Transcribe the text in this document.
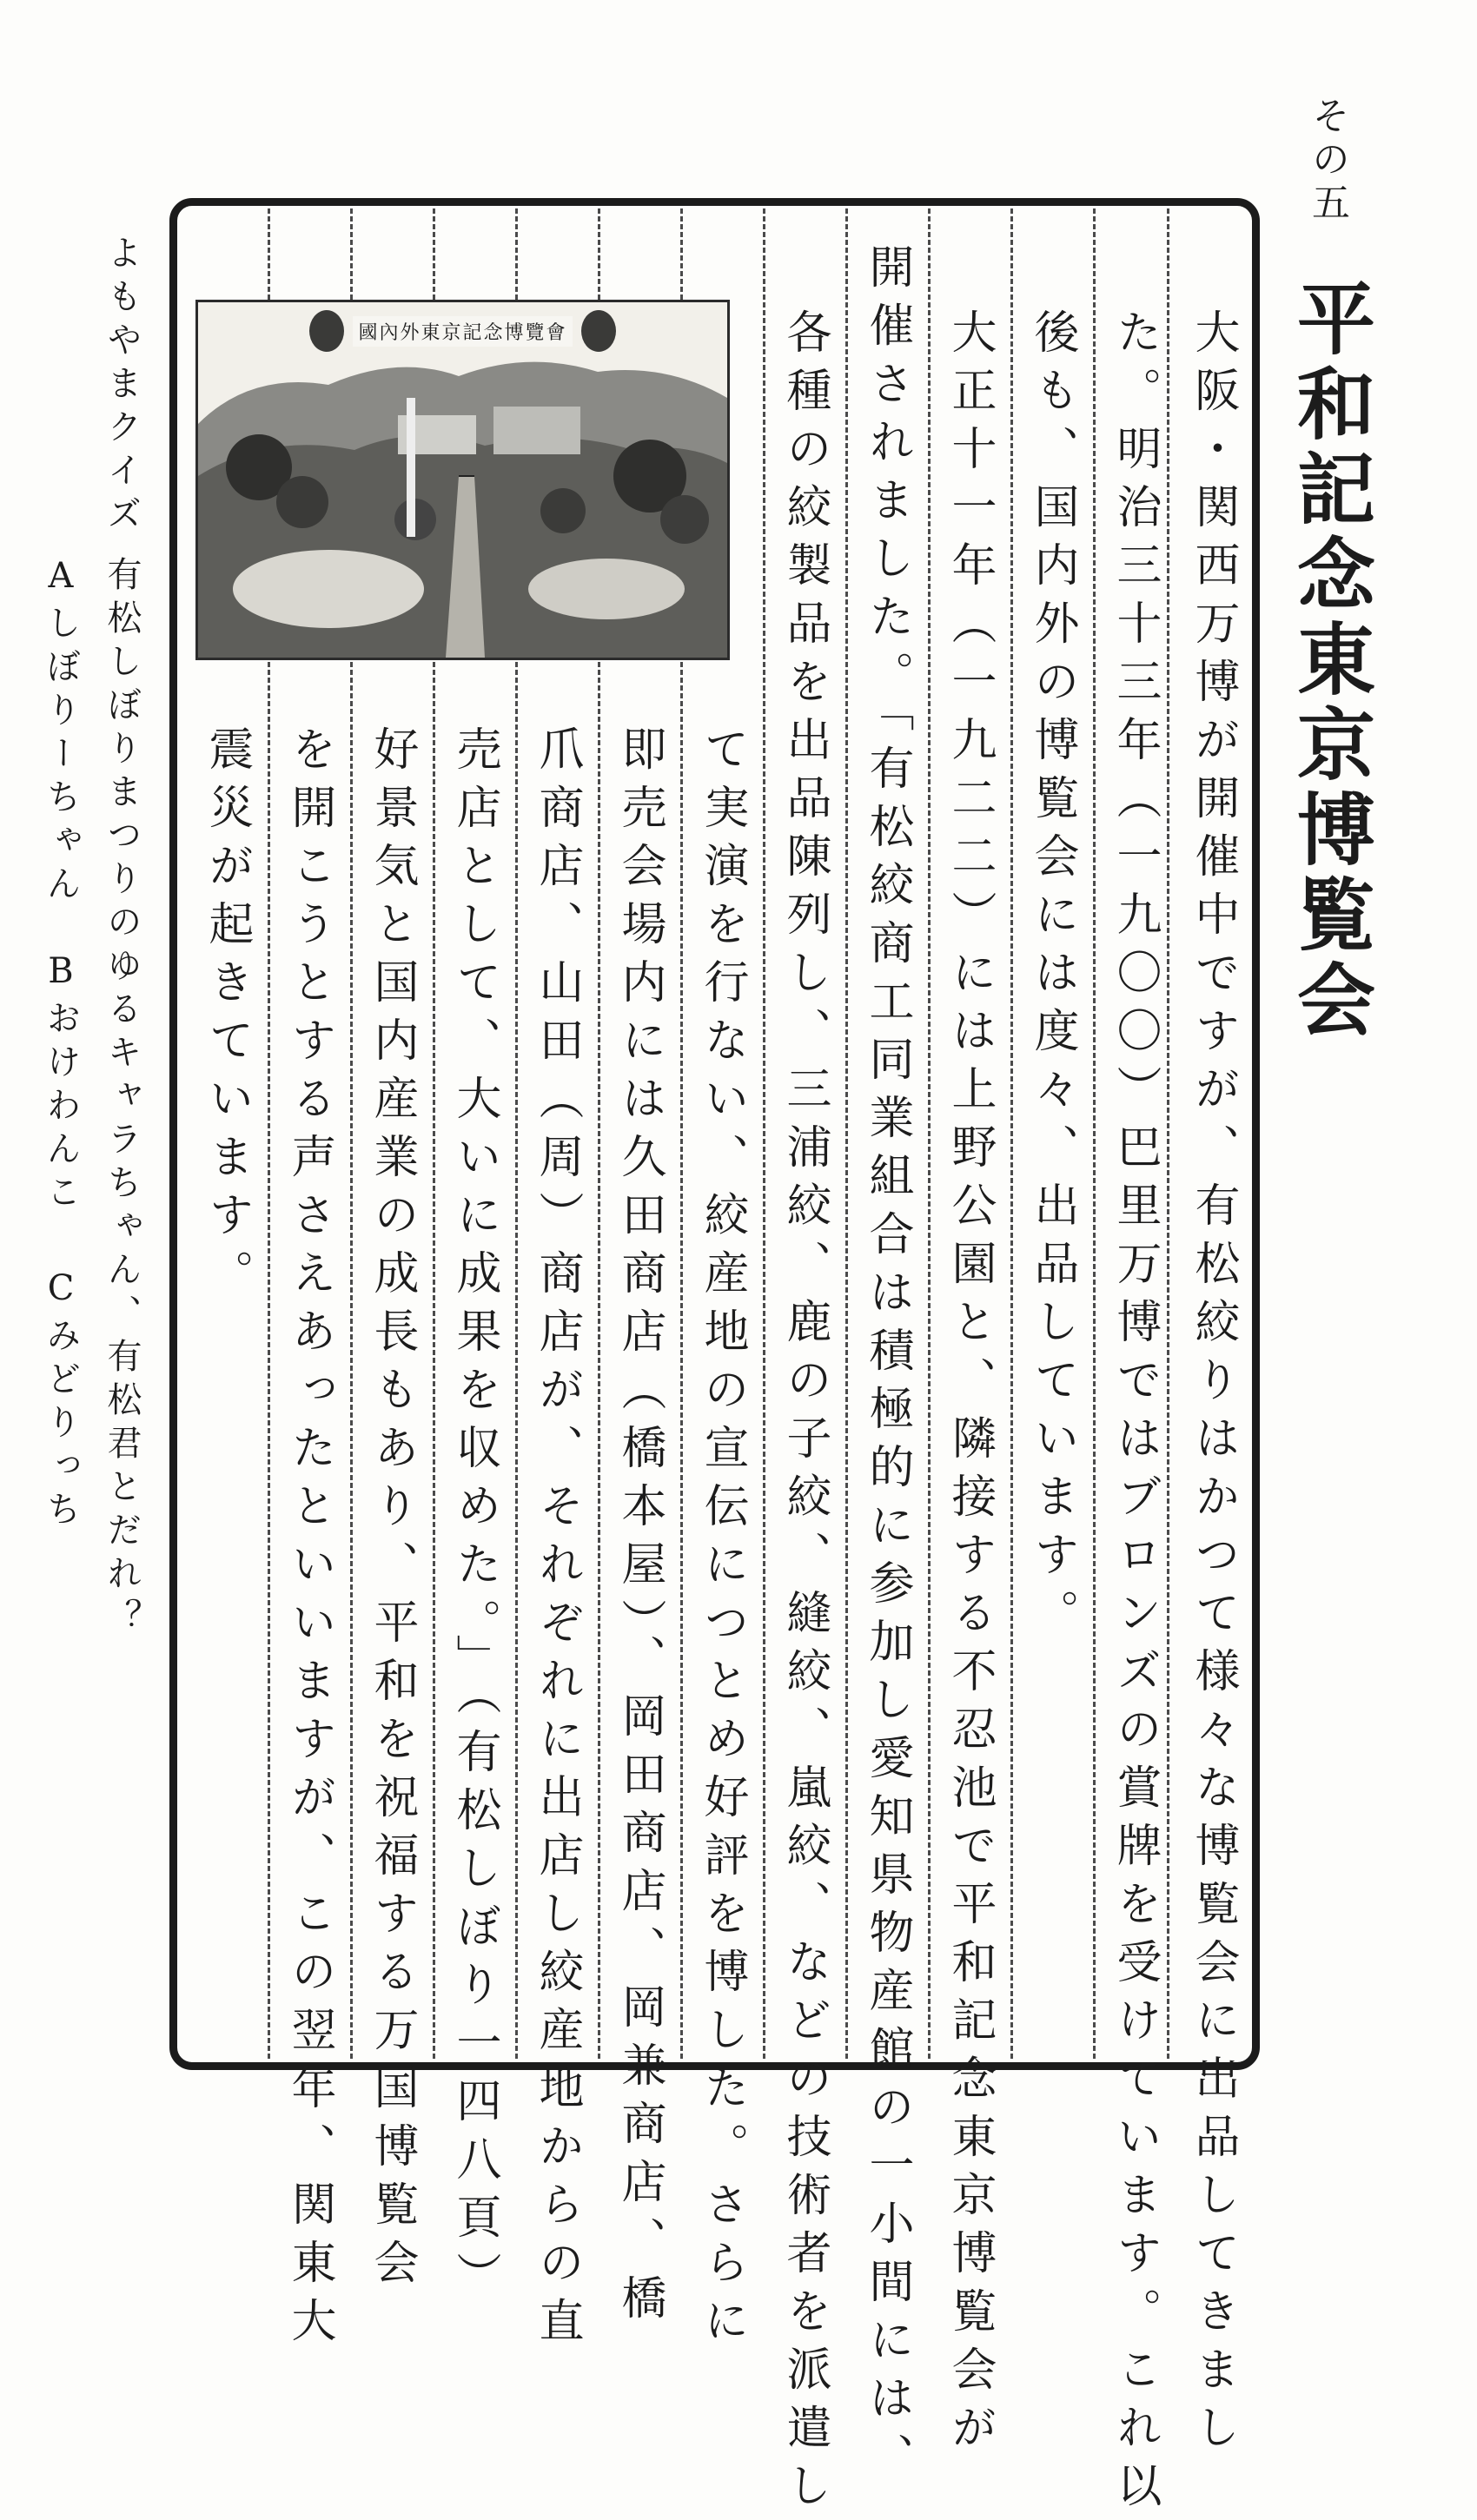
その五
平和記念東京博覧会
大阪・関西万博が開催中ですが、有松絞りはかつて様々な博覧会に出品してきまし
た。明治三十三年（一九〇〇）巴里万博ではブロンズの賞牌を受けています。これ以
後も、国内外の博覧会には度々、出品しています。
大正十一年（一九二二）には上野公園と、隣接する不忍池で平和記念東京博覧会が
開催されました。「有松絞商工同業組合は積極的に参加し愛知県物産館の一小間には、
各種の絞製品を出品陳列し、三浦絞、鹿の子絞、縫絞、嵐絞、などの技術者を派遣し
て実演を行ない、絞産地の宣伝につとめ好評を博した。さらに
即売会場内には久田商店（橋本屋）、岡田商店、岡兼商店、橋
爪商店、山田（周）商店が、それぞれに出店し絞産地からの直
売店として、大いに成果を収めた。」（有松しぼり一四八頁）
好景気と国内産業の成長もあり、平和を祝福する万国博覧会
を開こうとする声さえあったといいますが、この翌年、関東大
震災が起きています。
國內外東京記念博覽會
よもやまクイズ
有松しぼりまつりのゆるキャラちゃん、有松君とだれ？
Aしぼりーちゃん
Bおけわんこ
Cみどりっち
